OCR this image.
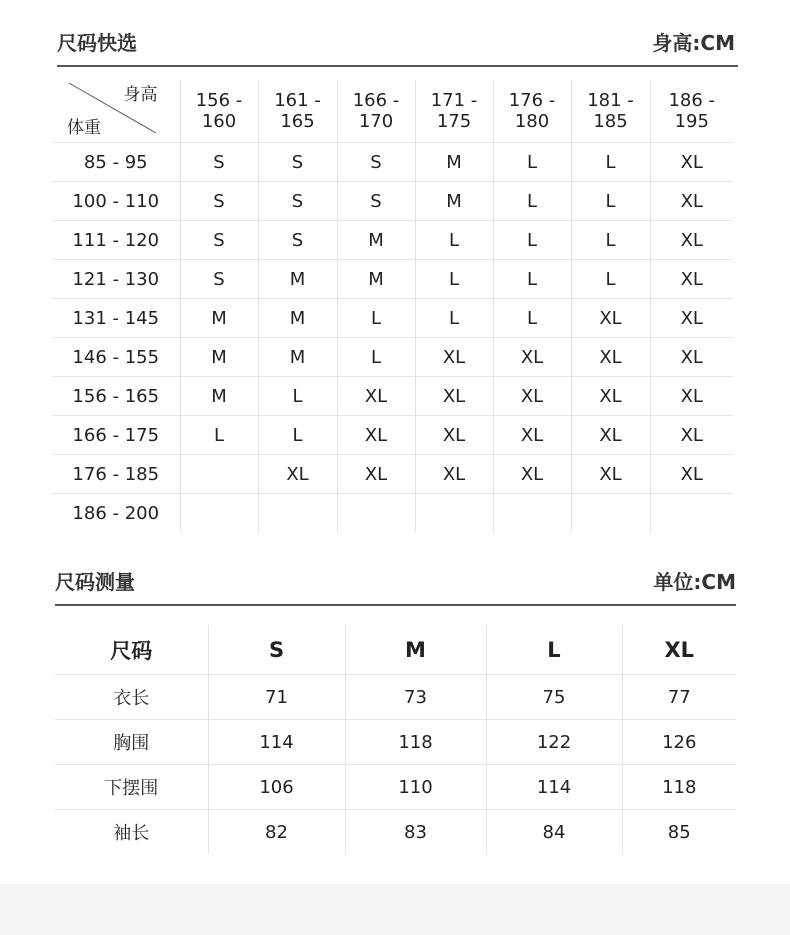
尺码快选	身高:CM
身高
体重	156 - 160	161 - 165	166 - 170	171 - 175	176 - 180	181 - 185	186 - 195
85 - 95	S	S	S	M	L	L	XL
100 - 110	S	S	S	M	L	L	XL
111 - 120	S	S	M	L	L	L	XL
121 - 130	S	M	M	L	L	L	XL
131 - 145	M	M	L	L	L	XL	XL
146 - 155	M	M	L	XL	XL	XL	XL
156 - 165	M	L	XL	XL	XL	XL	XL
166 - 175	L	L	XL	XL	XL	XL	XL
176 - 185		XL	XL	XL	XL	XL	XL
186 - 200							
尺码测量	单位:CM
尺码	S	M	L	XL
衣长	71	73	75	77
胸围	114	118	122	126
下摆围	106	110	114	118
袖长	82	83	84	85
